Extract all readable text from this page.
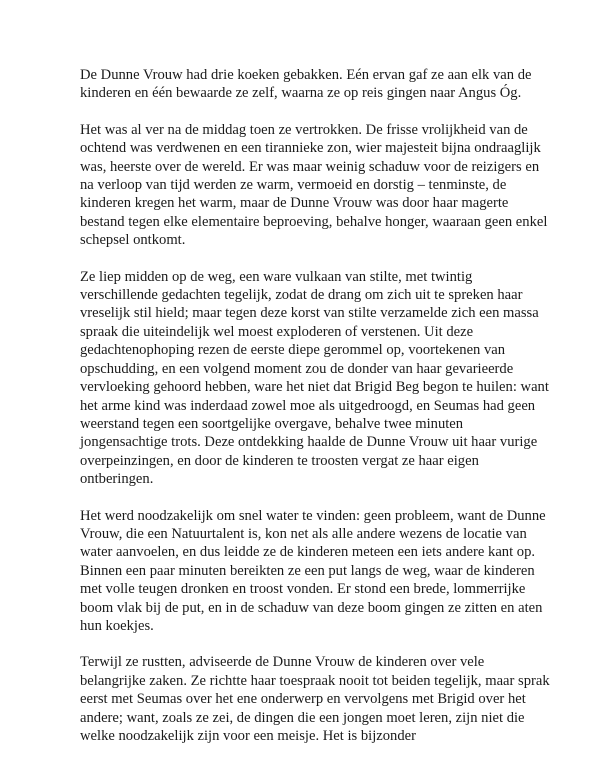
De Dunne Vrouw had drie koeken gebakken. Eén ervan gaf ze aan elk van de kinderen en één bewaarde ze zelf, waarna ze op reis gingen naar Angus Óg.

Het was al ver na de middag toen ze vertrokken. De frisse vrolijkheid van de ochtend was verdwenen en een tirannieke zon, wier majesteit bijna ondraaglijk was, heerste over de wereld. Er was maar weinig schaduw voor de reizigers en na verloop van tijd werden ze warm, vermoeid en dorstig – tenminste, de kinderen kregen het warm, maar de Dunne Vrouw was door haar magerte bestand tegen elke elementaire beproeving, behalve honger, waaraan geen enkel schepsel ontkomt.

Ze liep midden op de weg, een ware vulkaan van stilte, met twintig verschillende gedachten tegelijk, zodat de drang om zich uit te spreken haar vreselijk stil hield; maar tegen deze korst van stilte verzamelde zich een massa spraak die uiteindelijk wel moest exploderen of verstenen. Uit deze gedachtenophoping rezen de eerste diepe gerommel op, voortekenen van opschudding, en een volgend moment zou de donder van haar gevarieerde vervloeking gehoord hebben, ware het niet dat Brigid Beg begon te huilen: want het arme kind was inderdaad zowel moe als uitgedroogd, en Seumas had geen weerstand tegen een soortgelijke overgave, behalve twee minuten jongensachtige trots. Deze ontdekking haalde de Dunne Vrouw uit haar vurige overpeinzingen, en door de kinderen te troosten vergat ze haar eigen ontberingen.

Het werd noodzakelijk om snel water te vinden: geen probleem, want de Dunne Vrouw, die een Natuurtalent is, kon net als alle andere wezens de locatie van water aanvoelen, en dus leidde ze de kinderen meteen een iets andere kant op. Binnen een paar minuten bereikten ze een put langs de weg, waar de kinderen met volle teugen dronken en troost vonden. Er stond een brede, lommerrijke boom vlak bij de put, en in de schaduw van deze boom gingen ze zitten en aten hun koekjes.

Terwijl ze rustten, adviseerde de Dunne Vrouw de kinderen over vele belangrijke zaken. Ze richtte haar toespraak nooit tot beiden tegelijk, maar sprak eerst met Seumas over het ene onderwerp en vervolgens met Brigid over het andere; want, zoals ze zei, de dingen die een jongen moet leren, zijn niet die welke noodzakelijk zijn voor een meisje. Het is bijzonder
